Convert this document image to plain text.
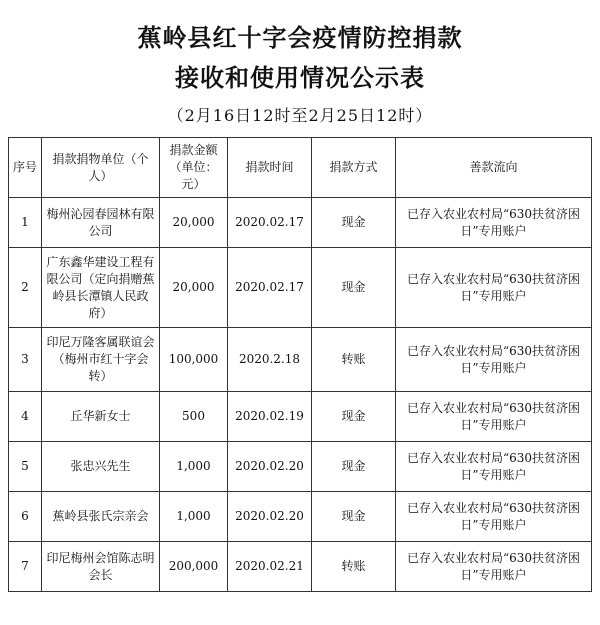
蕉岭县红十字会疫情防控捐款
接收和使用情况公示表
（2月16日12时至2月25日12时）
序号	捐款捐物单位（个人）	捐款金额（单位：元）	捐款时间	捐款方式	善款流向
1	梅州沁园春园林有限公司	20,000	2020.02.17	现金	已存入农业农村局“630扶贫济困日”专用账户
2	广东鑫华建设工程有限公司（定向捐赠蕉岭县长潭镇人民政府）	20,000	2020.02.17	现金	已存入农业农村局“630扶贫济困日”专用账户
3	印尼万隆客属联谊会（梅州市红十字会转）	100,000	2020.2.18	转账	已存入农业农村局“630扶贫济困日”专用账户
4	丘华新女士	500	2020.02.19	现金	已存入农业农村局“630扶贫济困日”专用账户
5	张忠兴先生	1,000	2020.02.20	现金	已存入农业农村局“630扶贫济困日”专用账户
6	蕉岭县张氏宗亲会	1,000	2020.02.20	现金	已存入农业农村局“630扶贫济困日”专用账户
7	印尼梅州会馆陈志明会长	200,000	2020.02.21	转账	已存入农业农村局“630扶贫济困日”专用账户
